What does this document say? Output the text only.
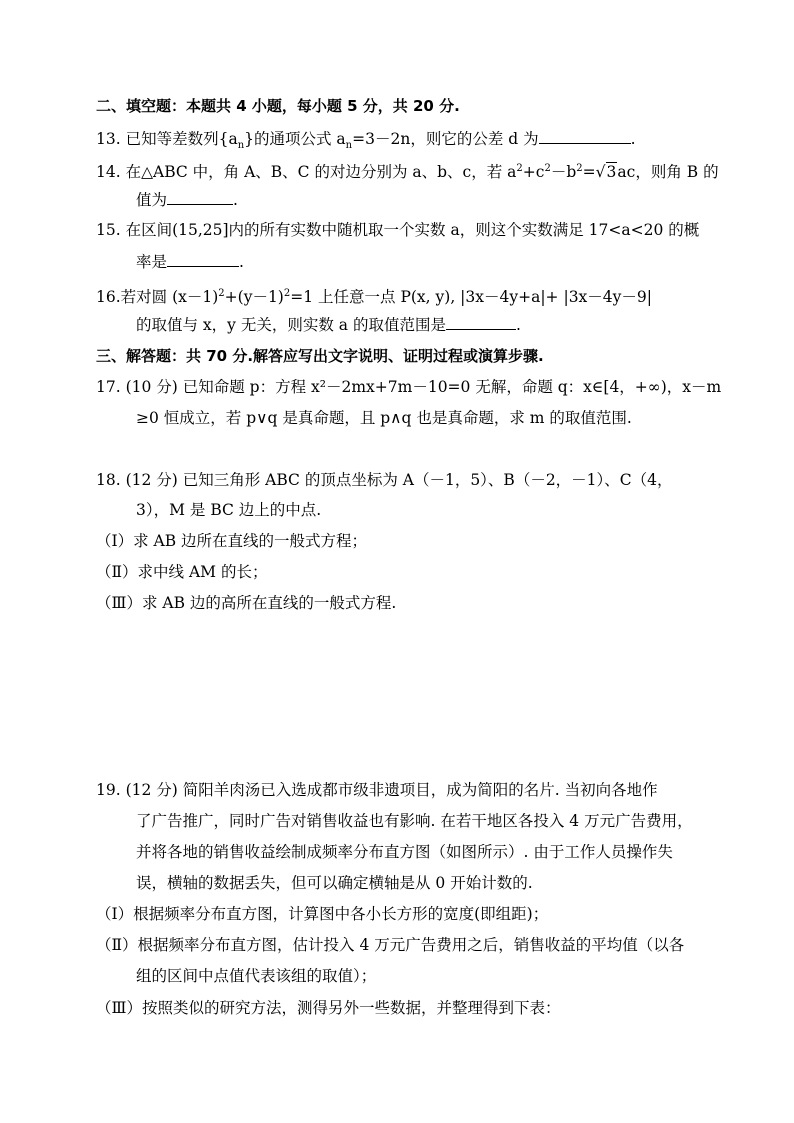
二、填空题：本题共 4 小题，每小题 5 分，共 20 分.
13. 已知等差数列$\{a_n\}$的通项公式 $a_n=3-2n$，则它的公差 d 为	.
14. 在△ABC 中，角 A、B、C 的对边分别为 a、b、c，若 $a^2+c^2-b^2=√3ac$，则角 B 的
值为	.
15. 在区间(15,25]内的所有实数中随机取一个实数 a，则这个实数满足 17<a<20 的概
率是	.
16.若对圆 $(x-1)^2+(y-1)^2=1$ 上任意一点 P(x, y), |3x－4y+a|+ |3x－4y－9|
的取值与 x，y 无关，则实数 a 的取值范围是	.
三、解答题：共 70 分.解答应写出文字说明、证明过程或演算步骤.
17. (10 分) 已知命题 p：方程 x²－2mx+7m－10=0 无解，命题 q：x∈[4，+∞)，x－m
≥0 恒成立，若 p∨q 是真命题，且 p∧q 也是真命题，求 m 的取值范围.
18. (12 分) 已知三角形 ABC 的顶点坐标为 A（－1，5）、B（－2，－1）、C（4，
3），M 是 BC 边上的中点.
（Ⅰ）求 AB 边所在直线的一般式方程；
（Ⅱ）求中线 AM 的长；
（Ⅲ）求 AB 边的高所在直线的一般式方程.
19. (12 分) 简阳羊肉汤已入选成都市级非遗项目，成为简阳的名片. 当初向各地作
了广告推广，同时广告对销售收益也有影响. 在若干地区各投入 4 万元广告费用，
并将各地的销售收益绘制成频率分布直方图（如图所示）. 由于工作人员操作失
误，横轴的数据丢失，但可以确定横轴是从 0 开始计数的.
（Ⅰ）根据频率分布直方图，计算图中各小长方形的宽度(即组距)；
（Ⅱ）根据频率分布直方图，估计投入 4 万元广告费用之后，销售收益的平均值（以各
组的区间中点值代表该组的取值）；
（Ⅲ）按照类似的研究方法，测得另外一些数据，并整理得到下表：
